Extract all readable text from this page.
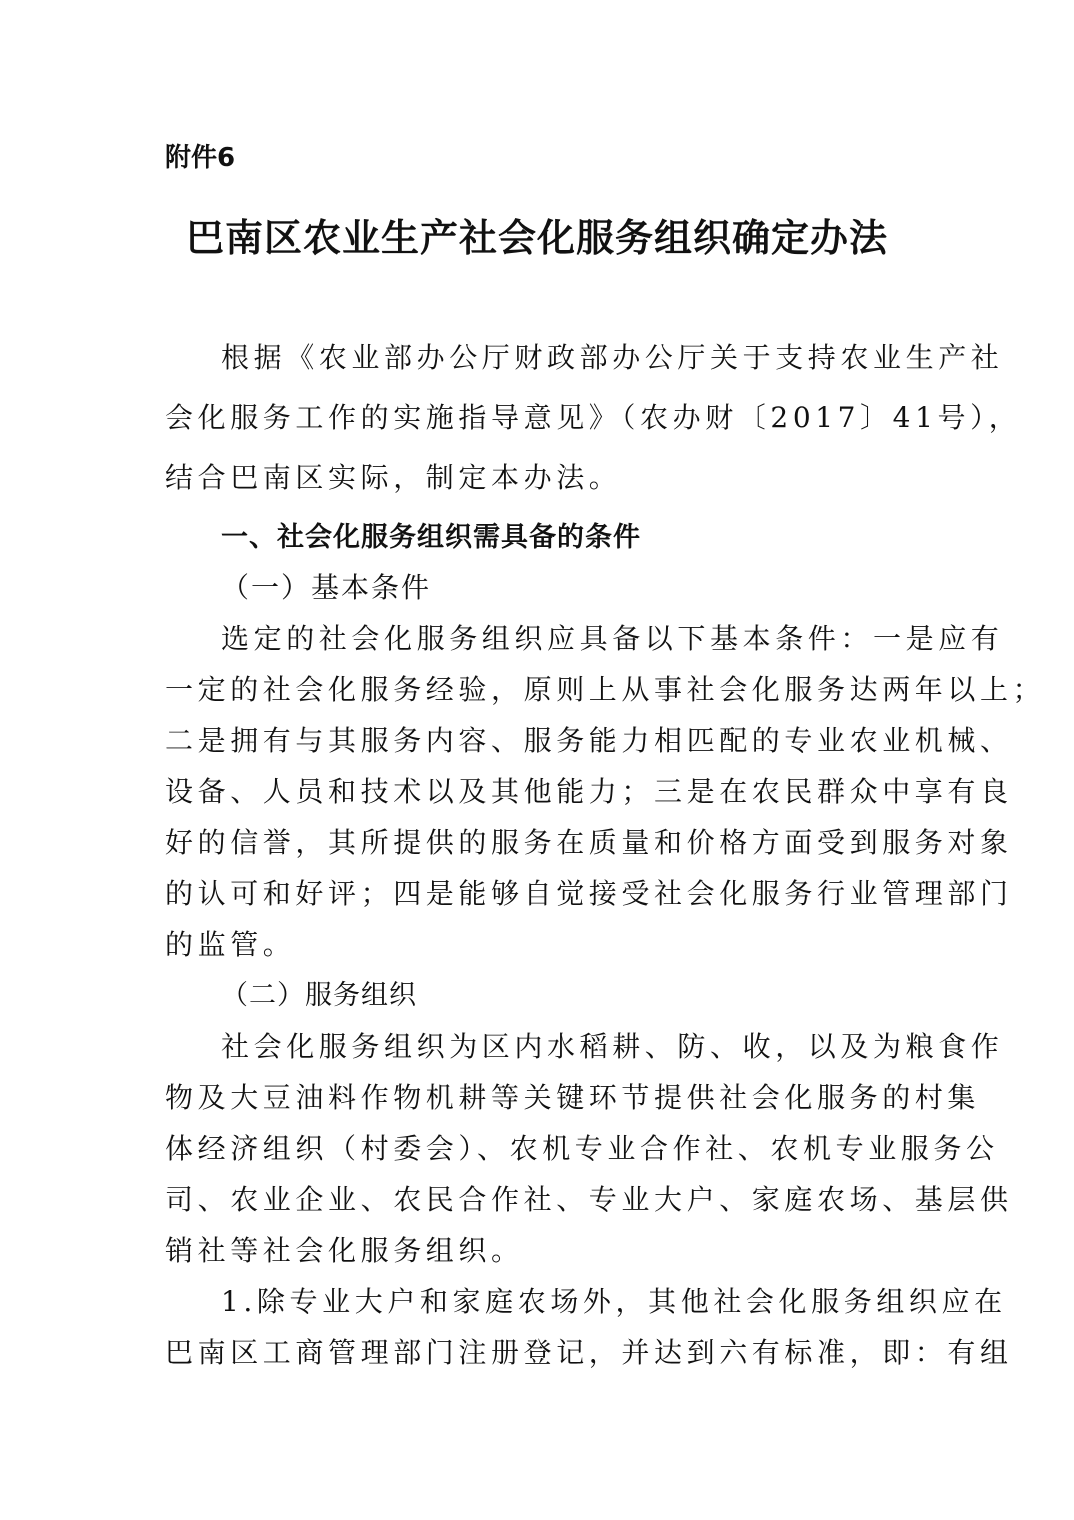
附件6
巴南区农业生产社会化服务组织确定办法
根据《农业部办公厅财政部办公厅关于支持农业生产社
会化服务工作的实施指导意见》（农办财〔2017〕41号），
结合巴南区实际，制定本办法。
一、社会化服务组织需具备的条件
（一）基本条件
选定的社会化服务组织应具备以下基本条件：一是应有
一定的社会化服务经验，原则上从事社会化服务达两年以上；
二是拥有与其服务内容、服务能力相匹配的专业农业机械、
设备、人员和技术以及其他能力；三是在农民群众中享有良
好的信誉，其所提供的服务在质量和价格方面受到服务对象
的认可和好评；四是能够自觉接受社会化服务行业管理部门
的监管。
（二）服务组织
社会化服务组织为区内水稻耕、防、收，以及为粮食作
物及大豆油料作物机耕等关键环节提供社会化服务的村集
体经济组织（村委会）、农机专业合作社、农机专业服务公
司、农业企业、农民合作社、专业大户、家庭农场、基层供
销社等社会化服务组织。
1.除专业大户和家庭农场外，其他社会化服务组织应在
巴南区工商管理部门注册登记，并达到六有标准，即：有组
